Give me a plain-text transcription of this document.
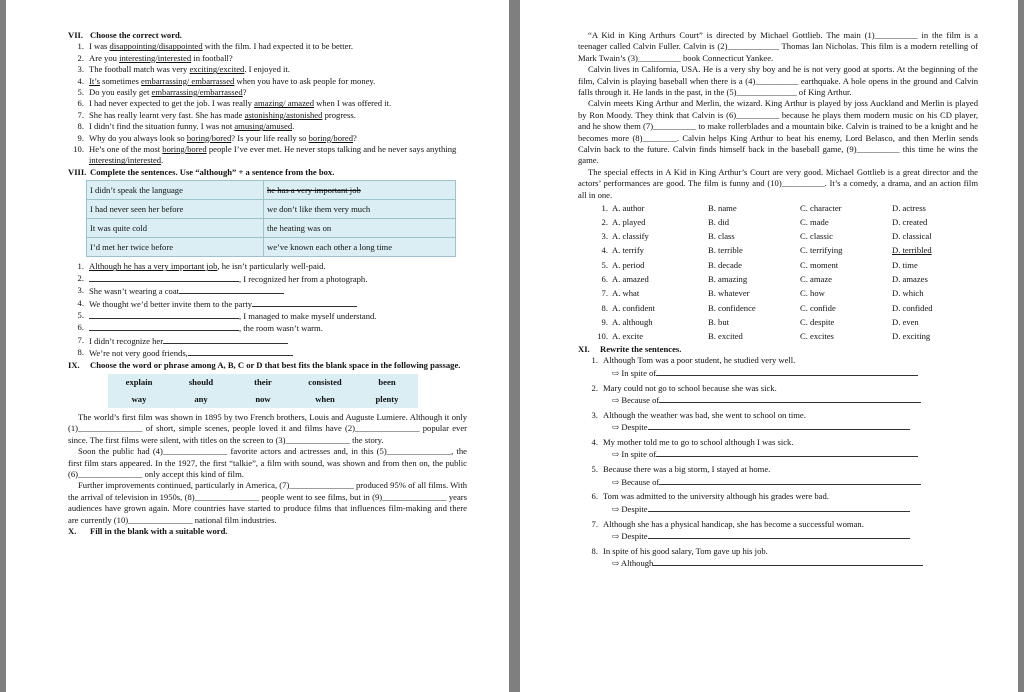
VII. Choose the correct word.
1. I was disappointing/disappointed with the film. I had expected it to be better.
2. Are you interesting/interested in football?
3. The football match was very exciting/excited. I enjoyed it.
4. It’s sometimes embarrassing/ embarrassed when you have to ask people for money.
5. Do you easily get embarrassing/embarrassed?
6. I had never expected to get the job. I was really amazing/ amazed when I was offered it.
7. She has really learnt very fast. She has made astonishing/astonished progress.
8. I didn’t find the situation funny. I was not amusing/amused.
9. Why do you always look so boring/bored? Is your life really so boring/bored?
10. He’s one of the most boring/bored people I’ve ever met. He never stops talking and he never says anything interesting/interested.
VIII. Complete the sentences. Use “although” + a sentence from the box.
I didn’t speak the language	he has a very important job
I had never seen her before	we don’t like them very much
It was quite cold	the heating was on
I’d met her twice before	we’ve known each other a long time
1. Although he has a very important job, he isn’t particularly well-paid.
2.	, I recognized her from a photograph.
3. She wasn’t wearing a coat
4. We thought we’d better invite them to the party
5.	, I managed to make myself understand.
6.	, the room wasn’t warm.
7. I didn’t recognize her
8. We’re not very good friends,
IX. Choose the word or phrase among A, B, C or D that best fits the blank space in the following passage.
explain	should	their	consisted	been
way	any	now	when	plenty
The world’s first film was shown in 1895 by two French brothers, Louis and Auguste Lumiere. Although it only (1)_______________ of short, simple scenes, people loved it and films have (2)_______________ popular ever since. The first films were silent, with titles on the screen to (3)_______________ the story.
Soon the public had (4)_______________ favorite actors and actresses and, in this (5)_______________, the first film stars appeared. In the 1927, the first “talkie”, a film with sound, was shown and from then on, the public (6)_______________ only accept this kind of film.
Further improvements continued, particularly in America, (7)_______________ produced 95% of all films. With the arrival of television in 1950s, (8)_______________ people went to see films, but in (9)_______________ years audiences have grown again. More countries have started to produce films that influences film-making and there are currently (10)_______________ national film industries.
X. Fill in the blank with a suitable word.
“A Kid in King Arthurs Court” is directed by Michael Gottlieb. The main (1)__________ in the film is a teenager called Calvin Fuller. Calvin is (2)____________ Thomas Ian Nicholas. This film is a modern retelling of Mark Twain’s (3)__________ book Connecticut Yankee.
Calvin lives in California, USA. He is a very shy boy and he is not very good at sports. At the beginning of the film, Calvin is playing baseball when there is a (4)__________ earthquake. A hole opens in the ground and Calvin falls through it. He lands in the past, in the (5)______________ of King Arthur.
Calvin meets King Arthur and Merlin, the wizard. King Arthur is played by joss Auckland and Merlin is played by Ron Moody. They think that Calvin is (6)__________ because he plays them modern music on his CD player, and he show them (7)__________ to make rollerblades and a mountain bike. Calvin is trained to be a knight and he becomes more (8)________. Calvin helps King Arthur to beat his enemy, Lord Belasco, and then Merlin sends Calvin back to the future. Calvin finds himself back in the baseball game, (9)__________ this time he wins the game.
The special effects in A Kid in King Arthur’s Court are very good. Michael Gottlieb is a great director and the actors’ performances are good. The film is funny and (10)__________. It’s a comedy, a drama, and an action film all in one.
1.	A. author	B. name	C. character	D. actress
2.	A. played	B. did	C. made	D. created
3.	A. classify	B. class	C. classic	D. classical
4.	A. terrify	B. terrible	C. terrifying	D. terribled
5.	A. period	B. decade	C. moment	D. time
6.	A. amazed	B. amazing	C. amaze	D. amazes
7.	A. what	B. whatever	C. how	D. which
8.	A. confident	B. confidence	C. confide	D. confided
9.	A. although	B. but	C. despite	D. even
10.	A. excite	B. excited	C. excites	D. exciting
XI. Rewrite the sentences.
1. Although Tom was a poor student, he studied very well.
⇨ In spite of
2. Mary could not go to school because she was sick.
⇨ Because of
3. Although the weather was bad, she went to school on time.
⇨ Despite
4. My mother told me to go to school although I was sick.
⇨ In spite of
5. Because there was a big storm, I stayed at home.
⇨ Because of
6. Tom was admitted to the university although his grades were bad.
⇨ Despite
7. Although she has a physical handicap, she has become a successful woman.
⇨ Despite
8. In spite of his good salary, Tom gave up his job.
⇨ Although
